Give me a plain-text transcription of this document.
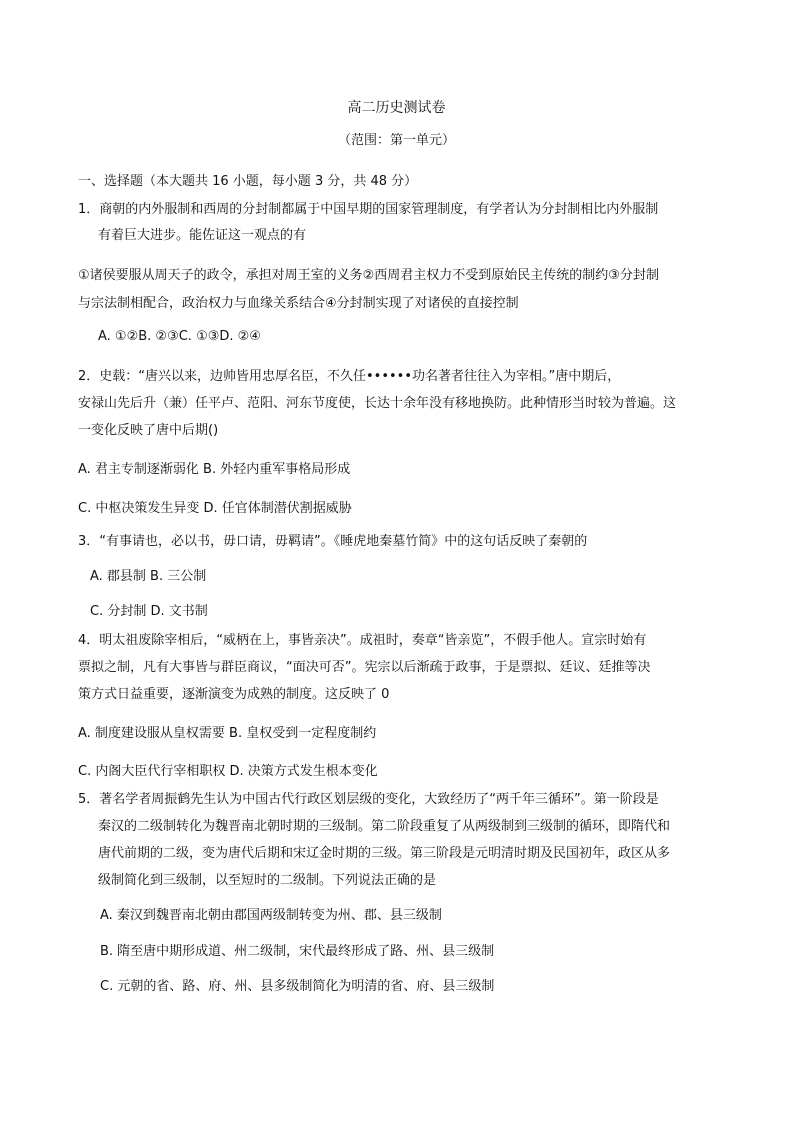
高二历史测试卷
（范围：第一单元）
一、选择题（本大题共 16 小题，每小题 3 分，共 48 分）
1．商朝的内外服制和西周的分封制都属于中国早期的国家管理制度，有学者认为分封制相比内外服制
有着巨大进步。能佐证这一观点的有
①诸侯要服从周天子的政令，承担对周王室的义务②西周君主权力不受到原始民主传统的制约③分封制
与宗法制相配合，政治权力与血缘关系结合④分封制实现了对诸侯的直接控制
A. ①②B. ②③C. ①③D. ②④
2．史载：“唐兴以来，边帅皆用忠厚名臣，不久任••••••功名著者往往入为宰相。”唐中期后，
安禄山先后升（兼）任平卢、范阳、河东节度使，长达十余年没有移地换防。此种情形当时较为普遍。这
一变化反映了唐中后期()
A. 君主专制逐渐弱化 B. 外轻内重军事格局形成
C. 中枢决策发生异变 D. 任官体制潜伏割据威胁
3．“有事请也，必以书，毋口请，毋羁请”。《睡虎地秦墓竹简》中的这句话反映了秦朝的
A. 郡县制 B. 三公制
C. 分封制 D. 文书制
4．明太祖废除宰相后，“威柄在上，事皆亲决”。成祖时，奏章“皆亲览”，不假手他人。宣宗时始有
票拟之制，凡有大事皆与群臣商议，“面决可否”。宪宗以后渐疏于政事，于是票拟、廷议、廷推等决
策方式日益重要，逐渐演变为成熟的制度。这反映了 0
A. 制度建设服从皇权需要 B. 皇权受到一定程度制约
C. 内阁大臣代行宰相职权 D. 决策方式发生根本变化
5．著名学者周振鹤先生认为中国古代行政区划层级的变化，大致经历了“两千年三循环”。第一阶段是
秦汉的二级制转化为魏晋南北朝时期的三级制。第二阶段重复了从两级制到三级制的循环，即隋代和
唐代前期的二级，变为唐代后期和宋辽金时期的三级。第三阶段是元明清时期及民国初年，政区从多
级制简化到三级制，以至短时的二级制。下列说法正确的是
A. 秦汉到魏晋南北朝由郡国两级制转变为州、郡、县三级制
B. 隋至唐中期形成道、州二级制，宋代最终形成了路、州、县三级制
C. 元朝的省、路、府、州、县多级制简化为明清的省、府、县三级制
